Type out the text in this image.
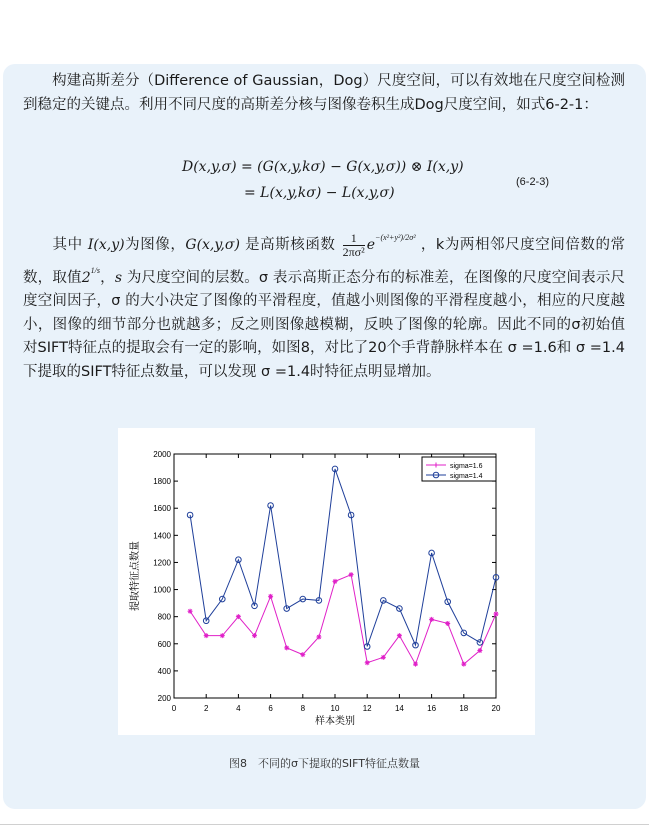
构建高斯差分（Difference of Gaussian，Dog）尺度空间，可以有效地在尺度空间检测到稳定的关键点。利用不同尺度的高斯差分核与图像卷积生成Dog尺度空间，如式6-2-1：

D(x,y,σ) = (G(x,y,kσ) − G(x,y,σ)) ⊗ I(x,y)
= L(x,y,kσ) − L(x,y,σ)
(6-2-3)

其中 I(x,y)为图像，G(x,y,σ) 是高斯核函数 $\frac{1}{\text{2πσ²}} e^{-(x^2+y^2)/2\sigma^2}$ ，k为两相邻尺度空间倍数的常数，取值$2^{1/s}$，s 为尺度空间的层数。σ 表示高斯正态分布的标准差，在图像的尺度空间表示尺度空间因子，σ 的大小决定了图像的平滑程度，值越小则图像的平滑程度越小，相应的尺度越小，图像的细节部分也就越多；反之则图像越模糊，反映了图像的轮廓。因此不同的σ初始值对SIFT特征点的提取会有一定的影响，如图8，对比了20个手背静脉样本在 σ =1.6和 σ =1.4下提取的SIFT特征点数量，可以发现 σ =1.4时特征点明显增加。

0	2	4	6	8	10	12	14	16	18	20
200
400
600
800
1000
1200
1400
1600
1800
2000
样本类别
提取特征点数量
sigma=1.6
sigma=1.4
图8　不同的σ下提取的SIFT特征点数量
